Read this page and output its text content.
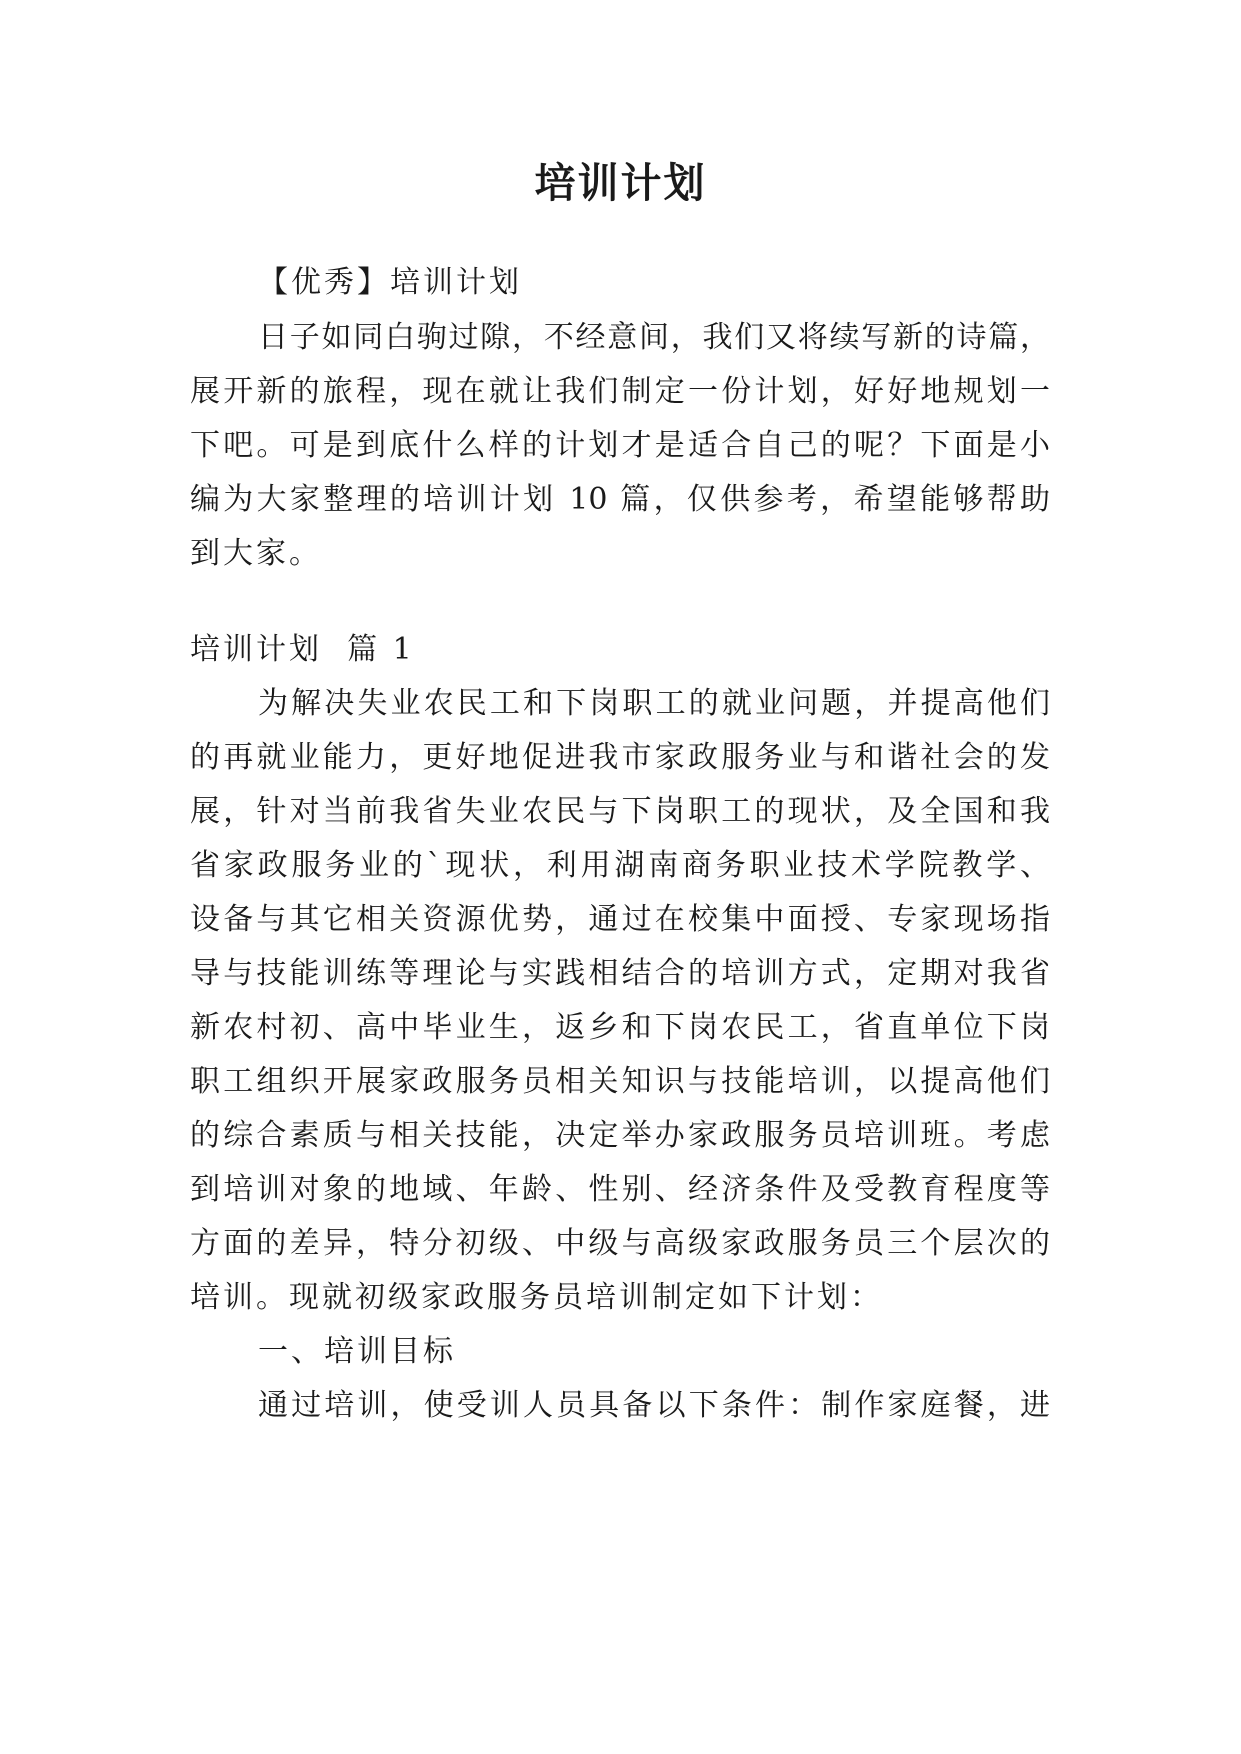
培训计划
【优秀】培训计划
日子如同白驹过隙，不经意间，我们又将续写新的诗篇，
展开新的旅程，现在就让我们制定一份计划，好好地规划一
下吧。可是到底什么样的计划才是适合自己的呢？下面是小
编为大家整理的培训计划 10 篇，仅供参考，希望能够帮助
到大家。
培训计划  篇 1
为解决失业农民工和下岗职工的就业问题，并提高他们
的再就业能力，更好地促进我市家政服务业与和谐社会的发
展，针对当前我省失业农民与下岗职工的现状，及全国和我
省家政服务业的`现状，利用湖南商务职业技术学院教学、
设备与其它相关资源优势，通过在校集中面授、专家现场指
导与技能训练等理论与实践相结合的培训方式，定期对我省
新农村初、高中毕业生，返乡和下岗农民工，省直单位下岗
职工组织开展家政服务员相关知识与技能培训，以提高他们
的综合素质与相关技能，决定举办家政服务员培训班。考虑
到培训对象的地域、年龄、性别、经济条件及受教育程度等
方面的差异，特分初级、中级与高级家政服务员三个层次的
培训。现就初级家政服务员培训制定如下计划：
一、培训目标
通过培训，使受训人员具备以下条件：制作家庭餐，进
